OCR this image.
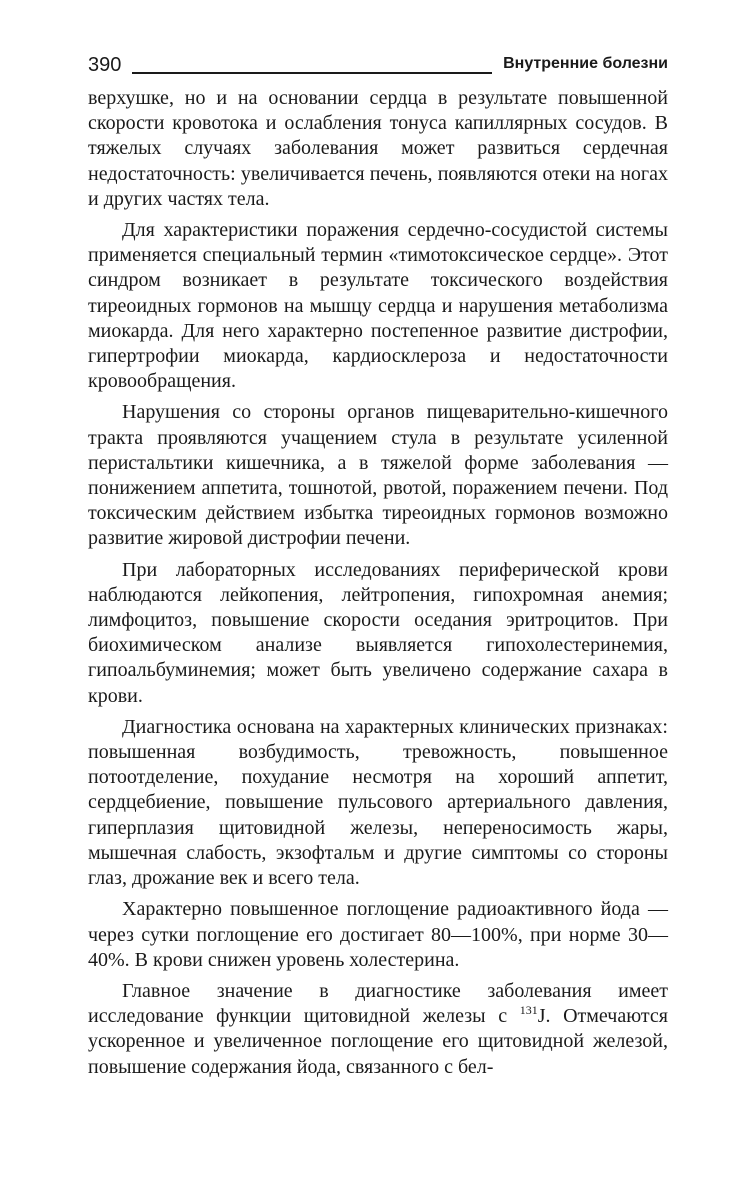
390	Внутренние болезни

верхушке, но и на основании сердца в результате повышенной скорости кровотока и ослабления тонуса капиллярных сосудов. В тяжелых случаях заболевания может развиться сердечная недостаточность: увеличивается печень, появляются отеки на ногах и других частях тела.

Для характеристики поражения сердечно-сосудистой системы применяется специальный термин «тимотоксическое сердце». Этот синдром возникает в результате токсического воздействия тиреоидных гормонов на мышцу сердца и нарушения метаболизма миокарда. Для него характерно постепенное развитие дистрофии, гипертрофии миокарда, кардиосклероза и недостаточности кровообращения.

Нарушения со стороны органов пищеварительно-кишечного тракта проявляются учащением стула в результате усиленной перистальтики кишечника, а в тяжелой форме заболевания — понижением аппетита, тошнотой, рвотой, поражением печени. Под токсическим действием избытка тиреоидных гормонов возможно развитие жировой дистрофии печени.

При лабораторных исследованиях периферической крови наблюдаются лейкопения, лейтропения, гипохромная анемия; лимфоцитоз, повышение скорости оседания эритроцитов. При биохимическом анализе выявляется гипохолестеринемия, гипоальбуминемия; может быть увеличено содержание сахара в крови.

Диагностика основана на характерных клинических признаках: повышенная возбудимость, тревожность, повышенное потоотделение, похудание несмотря на хороший аппетит, сердцебиение, повышение пульсового артериального давления, гиперплазия щитовидной железы, непереносимость жары, мышечная слабость, экзофтальм и другие симптомы со стороны глаз, дрожание век и всего тела.

Характерно повышенное поглощение радиоактивного йода — через сутки поглощение его достигает 80—100%, при норме 30—40%. В крови снижен уровень холестерина.

Главное значение в диагностике заболевания имеет исследование функции щитовидной железы с $^{131}$J. Отмечаются ускоренное и увеличенное поглощение его щитовидной железой, повышение содержания йода, связанного с бел-
